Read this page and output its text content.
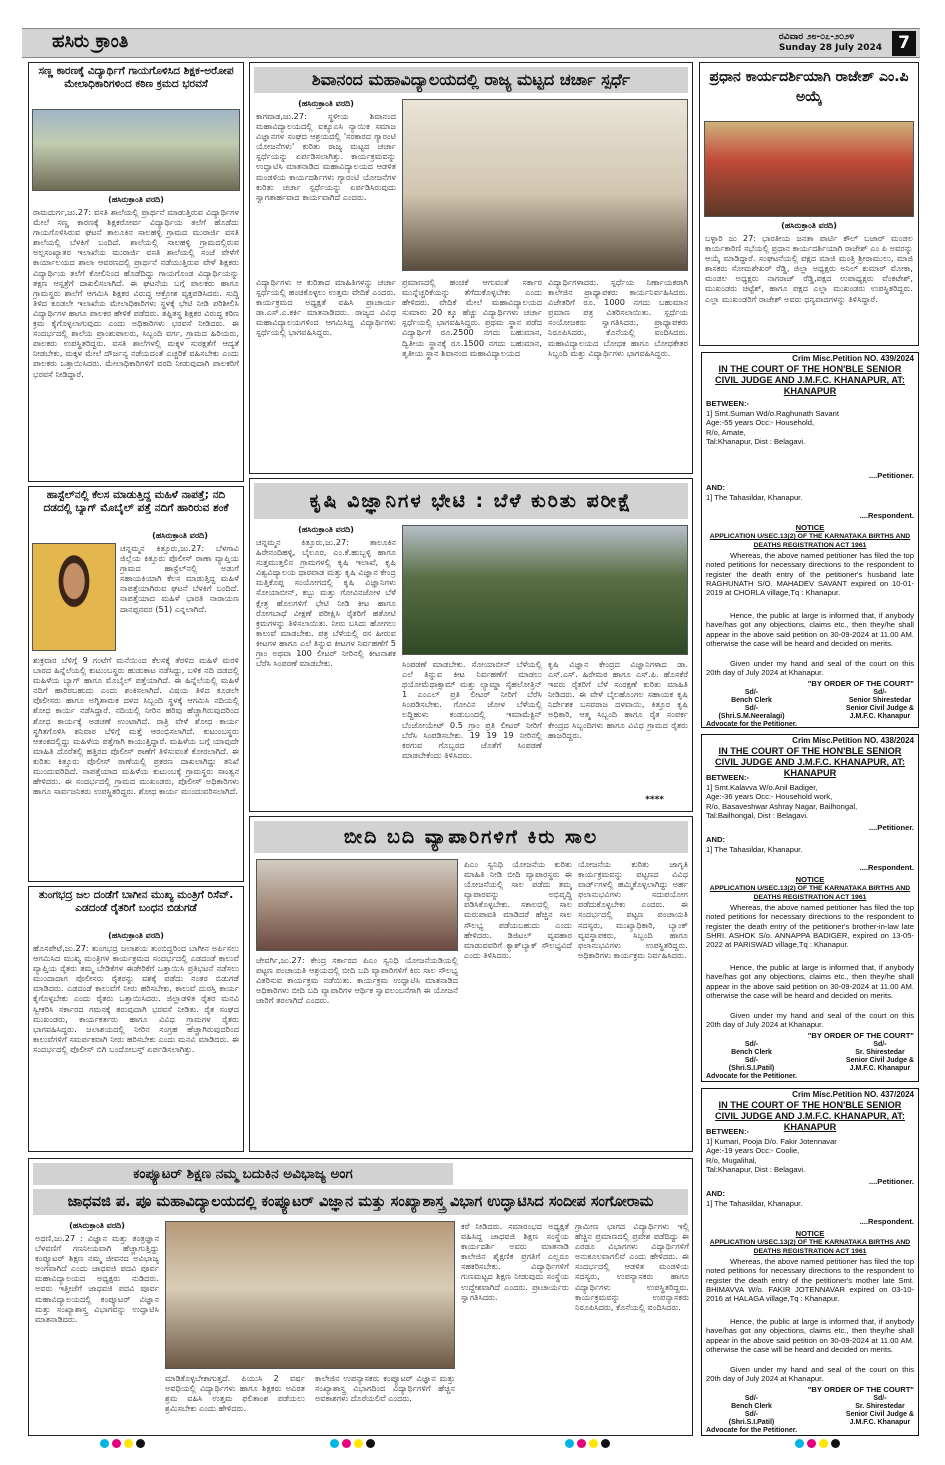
ಹಸಿರು ಕ್ರಾಂತಿ	ರವಿವಾರ ೨೮-೦೭-೨೦೨೪
Sunday 28 July 2024 7
ಸಣ್ಣ ಕಾರಣಕ್ಕೆ ವಿದ್ಯಾರ್ಥಿಗೆ ಗಾಯಗೊಳಿಸಿದ ಶಿಕ್ಷಕ-ಅರೋಪ ಮೇಲಾಧಿಕಾರಿಗಳಿಂದ ಕಠಿಣ ಕ್ರಮದ ಭರವಸೆ
(ಹಸಿರುಕ್ರಾಂತಿ ವರದಿ)
ರಾಮದುರ್ಗ,ಜು.27: ವಸತಿ ಶಾಲೆಯಲ್ಲಿ ಪ್ರಾರ್ಥನೆ ಮಾಡುತ್ತಿರುವ ವಿದ್ಯಾರ್ಥಿಗಳ ಮೇಲೆ ಸಣ್ಣ ಕಾರಣಕ್ಕೆ ಶಿಕ್ಷಕರೋರ್ವ ವಿದ್ಯಾರ್ಥಿಯ ತಲೆಗೆ ಹೊಡೆದು ಗಾಯಗೊಳಿಸಿರುವ ಘಟನೆ ತಾಲೂಕಿನ ಸಾಲಹಳ್ಳಿ ಗ್ರಾಮದ ಮುರಾರ್ಜಿ ವಸತಿ ಶಾಲೆಯಲ್ಲಿ ಬೆಳಕಿಗೆ ಬಂದಿದೆ. ಶಾಲೆಯಲ್ಲಿ ಸಾಲಹಳ್ಳಿ ಗ್ರಾಮದಲ್ಲಿರುವ ಅಲ್ಪಸಂಖ್ಯಾತರ ಇಲಾಖೆಯ ಮುರಾರ್ಜಿ ವಸತಿ ಶಾಲೆಯಲ್ಲಿ ಸಂಜೆ ವೇಳೆಗೆ ಕಾರ್ಯಾಲಯದ ಶಾಲಾ ಆವರಣದಲ್ಲಿ ಪ್ರಾರ್ಥನೆ ನಡೆಯುತ್ತಿರುವ ವೇಳೆ ಶಿಕ್ಷಕರು ವಿದ್ಯಾರ್ಥಿಯ ತಲೆಗೆ ಕೋಲಿನಿಂದ ಹೊಡೆದಿದ್ದು ಗಾಯಗೊಂಡ ವಿದ್ಯಾರ್ಥಿಯನ್ನು ತಕ್ಷಣ ಆಸ್ಪತ್ರೆಗೆ ದಾಖಲಿಸಲಾಗಿದೆ. ಈ ಘಟನೆಯ ಬಗ್ಗೆ ಪಾಲಕರು ಹಾಗೂ ಗ್ರಾಮಸ್ಥರು ಶಾಲೆಗೆ ಆಗಮಿಸಿ ಶಿಕ್ಷಕರ ವಿರುದ್ಧ ಆಕ್ರೋಶ ವ್ಯಕ್ತಪಡಿಸಿದರು. ಸುದ್ದಿ ತಿಳಿದ ಕೂಡಲೇ ಇಲಾಖೆಯ ಮೇಲಾಧಿಕಾರಿಗಳು ಸ್ಥಳಕ್ಕೆ ಭೇಟಿ ನೀಡಿ ಪರಿಶೀಲಿಸಿ ವಿದ್ಯಾರ್ಥಿಗಳ ಹಾಗೂ ಪಾಲಕರ ಹೇಳಿಕೆ ಪಡೆದರು. ತಪ್ಪಿತಸ್ಥ ಶಿಕ್ಷಕರ ವಿರುದ್ಧ ಕಠಿಣ ಕ್ರಮ ಕೈಗೊಳ್ಳಲಾಗುವುದು ಎಂದು ಅಧಿಕಾರಿಗಳು ಭರವಸೆ ನೀಡಿದರು. ಈ ಸಂದರ್ಭದಲ್ಲಿ ಶಾಲೆಯ ಪ್ರಾಂಶುಪಾಲರು, ಸಿಬ್ಬಂದಿ ವರ್ಗ, ಗ್ರಾಮದ ಹಿರಿಯರು, ಪಾಲಕರು ಉಪಸ್ಥಿತರಿದ್ದರು. ವಸತಿ ಶಾಲೆಗಳಲ್ಲಿ ಮಕ್ಕಳ ಸುರಕ್ಷತೆಗೆ ಆದ್ಯತೆ ನೀಡಬೇಕು, ಮಕ್ಕಳ ಮೇಲೆ ದೌರ್ಜನ್ಯ ನಡೆಯದಂತೆ ಎಚ್ಚರಿಕೆ ವಹಿಸಬೇಕು ಎಂದು ಪಾಲಕರು ಒತ್ತಾಯಿಸಿದರು. ಮೇಲಾಧಿಕಾರಿಗಳಿಗೆ ವರದಿ ನೀಡುವುದಾಗಿ ಪಾಲಕರಿಗೆ ಭರವಸೆ ನೀಡಿದ್ದಾರೆ.
ಹಾಸ್ಟೆಲ್‌ನಲ್ಲಿ ಕೆಲಸ ಮಾಡುತ್ತಿದ್ದ ಮಹಿಳೆ ನಾಪತ್ತೆ; ನದಿ ದಡದಲ್ಲಿ ಬ್ಯಾಗ್ ಮೊಬೈಲ್ ಪತ್ತೆ ನದಿಗೆ ಹಾರಿರುವ ಶಂಕೆ
(ಹಸಿರುಕ್ರಾಂತಿ ವರದಿ)
ಚನ್ನಮ್ಮನ ಕಿತ್ತೂರು,ಜು.27: ಬೆಳಗಾವಿ ಜಿಲ್ಲೆಯ ಕಿತ್ತೂರು ಪೊಲೀಸ್ ಠಾಣಾ ವ್ಯಾಪ್ತಿಯ ಗ್ರಾಮದ ಹಾಸ್ಟೆಲ್‌ನಲ್ಲಿ ಅಡುಗೆ ಸಹಾಯಕಿಯಾಗಿ ಕೆಲಸ ಮಾಡುತ್ತಿದ್ದ ಮಹಿಳೆ ನಾಪತ್ತೆಯಾಗಿರುವ ಘಟನೆ ಬೆಳಕಿಗೆ ಬಂದಿದೆ. ನಾಪತ್ತೆಯಾದ ಮಹಿಳೆ ಭಾರತಿ ನಾರಾಯಣ ದಾನಪ್ಪನವರ (51) ಎನ್ನಲಾಗಿದೆ.
ಶುಕ್ರವಾರ ಬೆಳಿಗ್ಗೆ 9 ಗಂಟೆಗೆ ಮನೆಯಿಂದ ಕೆಲಸಕ್ಕೆ ತೆರಳಿದ ಮಹಿಳೆ ಮರಳಿ ಬಾರದ ಹಿನ್ನೆಲೆಯಲ್ಲಿ ಕುಟುಂಬಸ್ಥರು ಹುಡುಕಾಟ ನಡೆಸಿದ್ದು, ಬಳಿಕ ನದಿ ದಡದಲ್ಲಿ ಮಹಿಳೆಯ ಬ್ಯಾಗ್ ಹಾಗೂ ಮೊಬೈಲ್ ಪತ್ತೆಯಾಗಿದೆ. ಈ ಹಿನ್ನೆಲೆಯಲ್ಲಿ ಮಹಿಳೆ ನದಿಗೆ ಹಾರಿರಬಹುದು ಎಂದು ಶಂಕಿಸಲಾಗಿದೆ. ವಿಷಯ ತಿಳಿದ ಕೂಡಲೇ ಪೊಲೀಸರು ಹಾಗೂ ಅಗ್ನಿಶಾಮಕ ದಳದ ಸಿಬ್ಬಂದಿ ಸ್ಥಳಕ್ಕೆ ಆಗಮಿಸಿ ನದಿಯಲ್ಲಿ ಶೋಧ ಕಾರ್ಯ ನಡೆಸಿದ್ದಾರೆ. ನದಿಯಲ್ಲಿ ನೀರಿನ ಹರಿವು ಹೆಚ್ಚಾಗಿರುವುದರಿಂದ ಶೋಧ ಕಾರ್ಯಕ್ಕೆ ಅಡಚಣೆ ಉಂಟಾಗಿದೆ. ರಾತ್ರಿ ವೇಳೆ ಶೋಧ ಕಾರ್ಯ ಸ್ಥಗಿತಗೊಳಿಸಿ ಶನಿವಾರ ಬೆಳಿಗ್ಗೆ ಮತ್ತೆ ಆರಂಭಿಸಲಾಗಿದೆ. ಕುಟುಂಬಸ್ಥರು ಆತಂಕದಲ್ಲಿದ್ದು ಮಹಿಳೆಯ ಪತ್ತೆಗಾಗಿ ಕಾಯುತ್ತಿದ್ದಾರೆ. ಮಹಿಳೆಯ ಬಗ್ಗೆ ಯಾವುದೇ ಮಾಹಿತಿ ದೊರೆತಲ್ಲಿ ಹತ್ತಿರದ ಪೊಲೀಸ್ ಠಾಣೆಗೆ ತಿಳಿಸುವಂತೆ ಕೋರಲಾಗಿದೆ. ಈ ಕುರಿತು ಕಿತ್ತೂರು ಪೊಲೀಸ್ ಠಾಣೆಯಲ್ಲಿ ಪ್ರಕರಣ ದಾಖಲಾಗಿದ್ದು ತನಿಖೆ ಮುಂದುವರಿದಿದೆ. ನಾಪತ್ತೆಯಾದ ಮಹಿಳೆಯ ಕುಟುಂಬಕ್ಕೆ ಗ್ರಾಮಸ್ಥರು ಸಾಂತ್ವನ ಹೇಳಿದರು. ಈ ಸಂದರ್ಭದಲ್ಲಿ ಗ್ರಾಮದ ಮುಖಂಡರು, ಪೊಲೀಸ್ ಅಧಿಕಾರಿಗಳು ಹಾಗೂ ಸಾರ್ವಜನಿಕರು ಉಪಸ್ಥಿತರಿದ್ದರು. ಶೋಧ ಕಾರ್ಯ ಮುಂದುವರಿಸಲಾಗಿದೆ.
ತುಂಗಭದ್ರ ಜಲ ದಂಡೆಗೆ ಬಾಗೀನ ಮುಖ್ಯ ಮಂತ್ರಿಗೆ ರಿಸೆವ್‌. ಎಡದಂಡೆ ರೈತರಿಗೆ ಬಂಧನ ಬಿಡುಗಡೆ
(ಹಸಿರುಕ್ರಾಂತಿ ವರದಿ)
ಹೊಸಪೇಟೆ,ಜು.27: ತುಂಗಭದ್ರ ಜಲಾಶಯ ತುಂಬಿದ್ದರಿಂದ ಬಾಗೀನ ಅರ್ಪಿಸಲು ಆಗಮಿಸಿದ ಮುಖ್ಯ ಮಂತ್ರಿಗಳ ಕಾರ್ಯಕ್ರಮದ ಸಂದರ್ಭದಲ್ಲಿ ಎಡದಂಡೆ ಕಾಲುವೆ ವ್ಯಾಪ್ತಿಯ ರೈತರು ತಮ್ಮ ಬೇಡಿಕೆಗಳ ಈಡೇರಿಕೆಗೆ ಒತ್ತಾಯಿಸಿ ಪ್ರತಿಭಟನೆ ನಡೆಸಲು ಮುಂದಾದಾಗ ಪೊಲೀಸರು ರೈತರನ್ನು ವಶಕ್ಕೆ ಪಡೆದು ನಂತರ ಬಿಡುಗಡೆ ಮಾಡಿದರು. ಎಡದಂಡೆ ಕಾಲುವೆಗೆ ನೀರು ಹರಿಸಬೇಕು, ಕಾಲುವೆ ದುರಸ್ತಿ ಕಾರ್ಯ ಕೈಗೊಳ್ಳಬೇಕು ಎಂದು ರೈತರು ಒತ್ತಾಯಿಸಿದರು. ಜಿಲ್ಲಾಡಳಿತ ರೈತರ ಮನವಿ ಸ್ವೀಕರಿಸಿ ಸರ್ಕಾರದ ಗಮನಕ್ಕೆ ತರುವುದಾಗಿ ಭರವಸೆ ನೀಡಿತು. ರೈತ ಸಂಘದ ಮುಖಂಡರು, ಕಾರ್ಯಕರ್ತರು ಹಾಗೂ ವಿವಿಧ ಗ್ರಾಮಗಳ ರೈತರು ಭಾಗವಹಿಸಿದ್ದರು. ಜಲಾಶಯದಲ್ಲಿ ನೀರಿನ ಸಂಗ್ರಹ ಹೆಚ್ಚಾಗಿರುವುದರಿಂದ ಕಾಲುವೆಗಳಿಗೆ ಸಮರ್ಪಕವಾಗಿ ನೀರು ಹರಿಸಬೇಕು ಎಂದು ಮನವಿ ಮಾಡಿದರು. ಈ ಸಂದರ್ಭದಲ್ಲಿ ಪೊಲೀಸ್ ಬಿಗಿ ಬಂದೋಬಸ್ತ್ ಏರ್ಪಡಿಸಲಾಗಿತ್ತು.
ಶಿವಾನಂದ ಮಹಾವಿದ್ಯಾಲಯದಲ್ಲಿ ರಾಜ್ಯ ಮಟ್ಟದ ಚರ್ಚಾ ಸ್ಪರ್ಧೆ
(ಹಸಿರುಕ್ರಾಂತಿ ವರದಿ)
ಕಾಗವಾಡ,ಜು.27: ಸ್ಥಳೀಯ ಶಿವಾನಂದ ಮಹಾವಿದ್ಯಾಲಯದಲ್ಲಿ ಐಕ್ಯೂಎಸಿ ನ್ಯಾಯಿಕ ಸಮಾಜ ವಿಜ್ಞಾನಗಳ ಸಂಘದ ಆಶ್ರಯದಲ್ಲಿ 'ಸರಕಾರದ ಗ್ಯಾರಂಟಿ ಯೋಜನೆಗಳು' ಕುರಿತು ರಾಜ್ಯ ಮಟ್ಟದ ಚರ್ಚಾ ಸ್ಪರ್ಧೆಯನ್ನು ಏರ್ಪಡಿಸಲಾಗಿತ್ತು. ಕಾರ್ಯಕ್ರಮವನ್ನು ಉದ್ಘಾಟಿಸಿ ಮಾತನಾಡಿದ ಮಹಾವಿದ್ಯಾಲಯದ ಆಡಳಿತ ಮಂಡಳಿಯ ಕಾರ್ಯದರ್ಶಿಗಳು ಗ್ಯಾರಂಟಿ ಯೋಜನೆಗಳ ಕುರಿತು ಚರ್ಚಾ ಸ್ಪರ್ಧೆಯನ್ನು ಏರ್ಪಡಿಸಿರುವುದು ಸ್ವಾಗತಾರ್ಹವಾದ ಕಾರ್ಯವಾಗಿದೆ ಎಂದರು.
ವಿದ್ಯಾರ್ಥಿಗಳು ಆ ಕುರಿತಾದ ಮಾಹಿತಿಗಳನ್ನು ಚರ್ಚಾ ಸ್ಪರ್ಧೆಯಲ್ಲಿ ಹಂಚಿಕೊಳ್ಳಲು ಉತ್ತಮ ವೇದಿಕೆ ಎಂದರು. ಕಾರ್ಯಕ್ರಮದ ಅಧ್ಯಕ್ಷತೆ ವಹಿಸಿ ಪ್ರಾಚಾರ್ಯ ಡಾ.ಎಸ್.ಎ.ಕರ್ಕಿ ಮಾತನಾಡಿದರು. ರಾಜ್ಯದ ವಿವಿಧ ಮಹಾವಿದ್ಯಾಲಯಗಳಿಂದ ಆಗಮಿಸಿದ್ದ ವಿದ್ಯಾರ್ಥಿಗಳು ಸ್ಪರ್ಧೆಯಲ್ಲಿ ಭಾಗವಹಿಸಿದ್ದರು.
ಪ್ರಮಾಣದಲ್ಲಿ ಹಂಚಿಕೆ ಆಗುವಂತೆ ಸರ್ಕಾರ ಮುನ್ನೆಚ್ಚರಿಕೆಯನ್ನು ತೆಗೆದುಕೊಳ್ಳಬೇಕು ಎಂದು ಹೇಳಿದರು. ವೇದಿಕೆ ಮೇಲೆ ಮಹಾವಿದ್ಯಾಲಯದ ಸುಮಾರು 20 ಕ್ಕೂ ಹೆಚ್ಚು ವಿದ್ಯಾರ್ಥಿಗಳು ಚರ್ಚಾ ಸ್ಪರ್ಧೆಯಲ್ಲಿ ಭಾಗವಹಿಸಿದ್ದರು. ಪ್ರಥಮ ಸ್ಥಾನ ಪಡೆದ ವಿದ್ಯಾರ್ಥಿಗೆ ರೂ.2500 ನಗದು ಬಹುಮಾನ, ದ್ವಿತೀಯ ಸ್ಥಾನಕ್ಕೆ ರೂ.1500 ನಗದು ಬಹುಮಾನ, ತೃತೀಯ ಸ್ಥಾನ ಶಿವಾನಂದ ಮಹಾವಿದ್ಯಾಲಯದ
ವಿದ್ಯಾರ್ಥಿಗಳಾದರು. ಸ್ಪರ್ಧೆಯ ನಿರ್ಣಾಯಕರಾಗಿ ಕಾಲೇಜಿನ ಪ್ರಾಧ್ಯಾಪಕರು ಕಾರ್ಯನಿರ್ವಹಿಸಿದರು. ವಿಜೇತರಿಗೆ ರೂ. 1000 ನಗದು ಬಹುಮಾನ ಪ್ರಮಾಣ ಪತ್ರ ವಿತರಿಸಲಾಯಿತು. ಸ್ಪರ್ಧೆಯ ಸಂಯೋಜಕರು ಸ್ವಾಗತಿಸಿದರು, ಪ್ರಾಧ್ಯಾಪಕರು ನಿರೂಪಿಸಿದರು, ಕೊನೆಯಲ್ಲಿ ವಂದಿಸಿದರು. ಮಹಾವಿದ್ಯಾಲಯದ ಬೋಧಕ ಹಾಗೂ ಬೋಧಕೇತರ ಸಿಬ್ಬಂದಿ ಮತ್ತು ವಿದ್ಯಾರ್ಥಿಗಳು ಭಾಗವಹಿಸಿದ್ದರು.
ಪ್ರಧಾನ ಕಾರ್ಯದರ್ಶಿಯಾಗಿ ರಾಜೇಶ್ ಎಂ.ಪಿ ಅಯ್ಕೆ
(ಹಸಿರುಕ್ರಾಂತಿ ವರದಿ)
ಬಳ್ಳಾರಿ ಜು 27: ಭಾರತೀಯ ಜನತಾ ಪಾರ್ಟಿ ಕೌಲ್ ಬಜಾರ್ ಮಂಡಲ ಕಾರ್ಯಕಾರಿಣಿ ಸಭೆಯಲ್ಲಿ ಪ್ರಧಾನ ಕಾರ್ಯದರ್ಶಿಯಾಗಿ ರಾಜೇಶ್ ಎಂ ಪಿ ಅವರನ್ನು ಆಯ್ಕೆ ಮಾಡಿದ್ದಾರೆ. ಸಂಘಟನೆಯಲ್ಲಿ ಪಕ್ಷದ ಮಾಜಿ ಮಂತ್ರಿ ಶ್ರೀರಾಮುಲು, ಮಾಜಿ ಶಾಸಕರು ಸೋಮಶೇಖರ್ ರೆಡ್ಡಿ, ಜಿಲ್ಲಾ ಅಧ್ಯಕ್ಷರು ಅನಿಲ್ ಕುಮಾರ್ ಮೋಕಾ, ಮಂಡಲ ಅಧ್ಯಕ್ಷರು ನಾಗರಾಜ್ ರೆಡ್ಡಿ,ಪಕ್ಷದ ಉಪಾಧ್ಯಕ್ಷರು ವೆಂಕಟೇಶ್, ಮುಖಂಡರು ಚಿಟ್ಟೆಶ್, ಹಾಗೂ ಪಕ್ಷದ ಎಲ್ಲಾ ಮುಖಂಡರು ಉಪಸ್ಥಿತರಿದ್ದರು. ಎಲ್ಲಾ ಮುಖಂಡರಿಗೆ ರಾಜೇಶ್ ಅವರು ಧನ್ಯವಾದಗಳನ್ನು ತಿಳಿಸಿದ್ದಾರೆ.
ಕೃಷಿ ವಿಜ್ಞಾನಿಗಳ ಭೇಟಿ : ಬೆಳೆ ಕುರಿತು ಪರೀಕ್ಷೆ
(ಹಸಿರುಕ್ರಾಂತಿ ವರದಿ)
ಚನ್ನಮ್ಮನ ಕಿತ್ತೂರು,ಜು.27: ತಾಲೂಕಿನ ಹಿರೇನಂದಿಹಳ್ಳಿ, ಬೈಲೂರ, ಎಂ.ಕೆ.ಹುಬ್ಬಳ್ಳಿ ಹಾಗೂ ಸುತ್ತಮುತ್ತಲಿನ ಗ್ರಾಮಗಳಲ್ಲಿ ಕೃಷಿ ಇಲಾಖೆ, ಕೃಷಿ ವಿಶ್ವವಿದ್ಯಾಲಯ ಧಾರವಾಡ ಮತ್ತು ಕೃಷಿ ವಿಜ್ಞಾನ ಕೇಂದ್ರ ಮತ್ತಿಕೊಪ್ಪ ಸಂಯೋಗದಲ್ಲಿ ಕೃಷಿ ವಿಜ್ಞಾನಿಗಳು ಸೋಯಾಬೀನ್, ಕಬ್ಬು ಮತ್ತು ಗೋವಿನಜೋಳ ಬೆಳೆ ಕ್ಷೇತ್ರ ಹೊಲಗಳಿಗೆ ಭೇಟಿ ನೀಡಿ ಕೀಟ ಹಾಗೂ ರೋಗಬಾಧೆ ವೀಕ್ಷಣೆ ಪರೀಕ್ಷಿಸಿ ರೈತರಿಗೆ ಹತೋಟಿ ಕ್ರಮಗಳನ್ನು ತಿಳಿಸಲಾಯಿತು. ನೀರು ಬಸಿದು ಹೋಗಲು ಕಾಲುವೆ ಮಾಡಬೇಕು. ಪತ್ರ ಬೆಳೆಯಲ್ಲಿ ರಸ ಹೀರುವ ಕೀಟಗಳ ಹಾಗೂ ಎಲೆ ತಿನ್ನುವ ಕೀಟಗಳ ನಿರ್ವಹಣೆಗೆ 5 ಗ್ರಾಂ ಅಥವಾ 100 ಲೀಟರ್ ನೀರಿನಲ್ಲಿ ಕೀಟನಾಶಕ ಬೆರೆಸಿ ಸಿಂಪರಣೆ ಮಾಡಬೇಕು.	ಸಿಂಪಡಣೆ ಮಾಡಬೇಕು. ಸೋಯಾಬೀನ್ ಬೆಳೆಯಲ್ಲಿ ಎಲೆ ತಿನ್ನುವ ಕೀಟ ನಿರ್ವಹಣೆಗೆ ಮಾಡಲು ಥಯೋಮೆಥಾಕ್ಸಾಮ್ ಮತ್ತು ಲ್ಯಾಮ್ಡಾ ಸೈಹಲೋತ್ರಿನ್ 1 ಎಂಎಲ್ ಪ್ರತಿ ಲೀಟರ್ ನೀರಿಗೆ ಬೆರೆಸಿ ಸಿಂಪಡಿಸಬೇಕು. ಗೋವಿನ ಜೋಳ ಬೆಳೆಯಲ್ಲಿ ಲದ್ದಿಹುಳು ಕಂಡುಬಂದಲ್ಲಿ ಇಮಾಮೆಕ್ಟಿನ್ ಬೆಂಜೋಯೇಟ್ 0.5 ಗ್ರಾಂ ಪ್ರತಿ ಲೀಟರ್ ನೀರಿಗೆ ಬೆರೆಸಿ ಸಿಂಪಡಿಸಬೇಕು. 19 19 19 ನೀರಿನಲ್ಲಿ ಕರಗುವ ಗೊಬ್ಬರದ ಜೊತೆಗೆ ಸಿಂಪಡಣೆ ಮಾಡಬೇಕೆಂದು ತಿಳಿಸಿದರು.
ಕೃಷಿ ವಿಜ್ಞಾನ ಕೇಂದ್ರದ ವಿಜ್ಞಾನಿಗಳಾದ ಡಾ. ಎಸ್.ಎಸ್. ಹಿರೇಮಠ ಹಾಗೂ ಎಸ್.ಪಿ. ಹೊಸಕೆರೆ ಇವರು ರೈತರಿಗೆ ಬೆಳೆ ಸಂರಕ್ಷಣೆ ಕುರಿತು ಮಾಹಿತಿ ನೀಡಿದರು. ಈ ವೇಳೆ ಬೈಲಹೊಂಗಲ ಸಹಾಯಕ ಕೃಷಿ ನಿರ್ದೇಶಕ ಬಸವರಾಜ ದಳವಾಯಿ, ಕಿತ್ತೂರ ಕೃಷಿ ಅಧಿಕಾರಿ, ಆತ್ಮ ಸಿಬ್ಬಂದಿ ಹಾಗೂ ರೈತ ಸಂಪರ್ಕ ಕೇಂದ್ರದ ಸಿಬ್ಬಂದಿಗಳು ಹಾಗೂ ವಿವಿಧ ಗ್ರಾಮದ ರೈತರು ಹಾಜರಿದ್ದರು.
****
ಬೀದಿ ಬದಿ ವ್ಯಾಪಾರಿಗಳಿಗೆ ಕಿರು ಸಾಲ
ಜೇವರ್ಗಿ,ಜು.27: ಕೇಂದ್ರ ಸರ್ಕಾರದ ಪಿಎಂ ಸ್ವನಿಧಿ ಯೋಜನೆಯಡಿಯಲ್ಲಿ ಪಟ್ಟಣ ಪಂಚಾಯತಿ ಆಶ್ರಯದಲ್ಲಿ ಬೀದಿ ಬದಿ ವ್ಯಾಪಾರಿಗಳಿಗೆ ಕಿರು ಸಾಲ ಸೌಲಭ್ಯ ವಿತರಿಸುವ ಕಾರ್ಯಕ್ರಮ ನಡೆಯಿತು. ಕಾರ್ಯಕ್ರಮ ಉದ್ಘಾಟಿಸಿ ಮಾತನಾಡಿದ ಅಧಿಕಾರಿಗಳು ಬೀದಿ ಬದಿ ವ್ಯಾಪಾರಿಗಳ ಆರ್ಥಿಕ ಸ್ವಾವಲಂಬನೆಗಾಗಿ ಈ ಯೋಜನೆ ಜಾರಿಗೆ ತರಲಾಗಿದೆ ಎಂದರು.
ಪಿಎಂ ಸ್ವನಿಧಿ ಯೋಜನೆಯ ಕುರಿತು ಮಾಹಿತಿ ನೀಡಿ ಬೀದಿ ವ್ಯಾಪಾರಸ್ಥರು ಈ ಯೋಜನೆಯಲ್ಲಿ ಸಾಲ ಪಡೆದು ತಮ್ಮ ವ್ಯಾಪಾರವನ್ನು ಅಭಿವೃದ್ಧಿ ಪಡಿಸಿಕೊಳ್ಳಬೇಕು. ಸಕಾಲದಲ್ಲಿ ಸಾಲ ಮರುಪಾವತಿ ಮಾಡಿದರೆ ಹೆಚ್ಚಿನ ಸಾಲ ಸೌಲಭ್ಯ ಪಡೆಯಬಹುದು ಎಂದು ಹೇಳಿದರು. ಡಿಜಿಟಲ್ ವ್ಯವಹಾರ ಮಾಡುವವರಿಗೆ ಕ್ಯಾಶ್‌ಬ್ಯಾಕ್ ಸೌಲಭ್ಯವಿದೆ ಎಂದು ತಿಳಿಸಿದರು.
ಯೋಜನೆಯ ಕುರಿತು ಜಾಗೃತಿ ಕಾರ್ಯಕ್ರಮವನ್ನು ಪಟ್ಟಣದ ವಿವಿಧ ವಾರ್ಡ್‌ಗಳಲ್ಲಿ ಹಮ್ಮಿಕೊಳ್ಳಲಾಗಿದ್ದು ಅರ್ಹ ಫಲಾನುಭವಿಗಳು ಸದುಪಯೋಗ ಪಡೆದುಕೊಳ್ಳಬೇಕು ಎಂದರು. ಈ ಸಂದರ್ಭದಲ್ಲಿ ಪಟ್ಟಣ ಪಂಚಾಯತಿ ಸದಸ್ಯರು, ಮುಖ್ಯಾಧಿಕಾರಿ, ಬ್ಯಾಂಕ್ ವ್ಯವಸ್ಥಾಪಕರು, ಸಿಬ್ಬಂದಿ ಹಾಗೂ ಫಲಾನುಭವಿಗಳು ಉಪಸ್ಥಿತರಿದ್ದರು. ಅಧಿಕಾರಿಗಳು ಕಾರ್ಯಕ್ರಮ ನಿರ್ವಹಿಸಿದರು.
ಕಂಪ್ಯೂಟರ್ ಶಿಕ್ಷಣ ನಮ್ಮ ಬದುಕಿನ ಅವಿಭಾಜ್ಯ ಅಂಗ
ಜಾಧವಜಿ ಪ. ಪೂ ಮಹಾವಿದ್ಯಾಲಯದಲ್ಲಿ ಕಂಪ್ಯೂಟರ್ ವಿಜ್ಞಾನ ಮತ್ತು ಸಂಖ್ಯಾಶಾಸ್ತ್ರ ವಿಭಾಗ ಉದ್ಘಾಟಿಸಿದ ಸಂದೀಪ ಸಂಗೋರಾಮ
(ಹಸಿರುಕ್ರಾಂತಿ ವರದಿ)
ಅಥಣಿ,ಜು.27 : ವಿಜ್ಞಾನ ಮತ್ತು ತಂತ್ರಜ್ಞಾನ ಬೆಳವಣಿಗೆ ಗಣನೀಯವಾಗಿ ಹೆಚ್ಚಾಗುತ್ತಿದ್ದು ಕಂಪ್ಯೂಟರ್ ಶಿಕ್ಷಣ ನಮ್ಮ ಜೀವನದ ಅವಿಭಾಜ್ಯ ಅಂಗವಾಗಿದೆ ಎಂದು ಜಾಧವಜಿ ಪದವಿ ಪೂರ್ವ ಮಹಾವಿದ್ಯಾಲಯದ ಅಧ್ಯಕ್ಷರು ನುಡಿದರು. ಅವರು ಇತ್ತೀಚೆಗೆ ಜಾಧವಜಿ ಪದವಿ ಪೂರ್ವ ಮಹಾವಿದ್ಯಾಲಯದಲ್ಲಿ ಕಂಪ್ಯೂಟರ್ ವಿಜ್ಞಾನ ಮತ್ತು ಸಂಖ್ಯಾಶಾಸ್ತ್ರ ವಿಭಾಗವನ್ನು ಉದ್ಘಾಟಿಸಿ ಮಾತನಾಡಿದರು.
ಮಾಡಿಕೊಳ್ಳಬೇಕಾಗುತ್ತದೆ. ಪಿಯುಸಿ 2 ವರ್ಷ ಅವಧಿಯಲ್ಲಿ ವಿದ್ಯಾರ್ಥಿಗಳು ಹಾಗೂ ಶಿಕ್ಷಕರು ಅವಿರತ ಶ್ರಮ ವಹಿಸಿ ಉತ್ತಮ ಫಲಿತಾಂಶ ಪಡೆಯಲು ಶ್ರಮಿಸಬೇಕು ಎಂದು ಹೇಳಿದರು.
ಕಾಲೇಜಿನ ಉಪನ್ಯಾಸಕರು ಕಂಪ್ಯೂಟರ್ ವಿಜ್ಞಾನ ಮತ್ತು ಸಂಖ್ಯಾಶಾಸ್ತ್ರ ವಿಭಾಗದಿಂದ ವಿದ್ಯಾರ್ಥಿಗಳಿಗೆ ಹೆಚ್ಚಿನ ಅವಕಾಶಗಳು ದೊರೆಯಲಿವೆ ಎಂದರು.
ಕರೆ ನೀಡಿದರು. ಸಮಾರಂಭದ ಅಧ್ಯಕ್ಷತೆ ವಹಿಸಿದ್ದ ಜಾಧವಜಿ ಶಿಕ್ಷಣ ಸಂಸ್ಥೆಯ ಕಾರ್ಯದರ್ಶಿ ಅವರು ಮಾತನಾಡಿ ಕಾಲೇಜಿನ ಶೈಕ್ಷಣಿಕ ಪ್ರಗತಿಗೆ ಎಲ್ಲರೂ ಸಹಕರಿಸಬೇಕು. ವಿದ್ಯಾರ್ಥಿಗಳಿಗೆ ಗುಣಮಟ್ಟದ ಶಿಕ್ಷಣ ನೀಡುವುದು ಸಂಸ್ಥೆಯ ಉದ್ದೇಶವಾಗಿದೆ ಎಂದರು. ಪ್ರಾಚಾರ್ಯರು ಸ್ವಾಗತಿಸಿದರು.
ಗ್ರಾಮೀಣ ಭಾಗದ ವಿದ್ಯಾರ್ಥಿಗಳು ಇಲ್ಲಿ ಹೆಚ್ಚಿನ ಪ್ರಮಾಣದಲ್ಲಿ ಪ್ರವೇಶ ಪಡೆದಿದ್ದು ಈ ಎರಡೂ ವಿಭಾಗಗಳು ವಿದ್ಯಾರ್ಥಿಗಳಿಗೆ ಅನುಕೂಲವಾಗಲಿವೆ ಎಂದು ಹೇಳಿದರು. ಈ ಸಂದರ್ಭದಲ್ಲಿ ಆಡಳಿತ ಮಂಡಳಿಯ ಸದಸ್ಯರು, ಉಪನ್ಯಾಸಕರು ಹಾಗೂ ವಿದ್ಯಾರ್ಥಿಗಳು ಉಪಸ್ಥಿತರಿದ್ದರು. ಕಾರ್ಯಕ್ರಮವನ್ನು ಉಪನ್ಯಾಸಕರು ನಿರೂಪಿಸಿದರು, ಕೊನೆಯಲ್ಲಿ ವಂದಿಸಿದರು.
Crim Misc.Petition NO. 439/2024
IN THE COURT OF THE HON'BLE SENIOR CIVIL JUDGE AND J.M.F.C. KHANAPUR, AT: KHANAPUR
BETWEEN:-
1] Smt.Suman Wd/o.Raghunath Savant
Age:-55 years Occ:- Household,
R/o, Amate,
Tal:Khanapur, Dist : Belagavi.
....Petitioner.
AND:
1] The Tahasildar, Khanapur.
....Respondent.
NOTICE
APPLICATION U/SEC.13(2) OF THE KARNATAKA BIRTHS AND DEATHS REGISTRATION ACT 1961
Whereas, the above named petitioner has filed the top noted petitions for necessary directions to the respondent to register the death entry of the petitioner's husband late RAGHUNATH S/O. MAHADEV SAVANT expired on 10-01-2019 at CHORLA village,Tq : Khanapur.
Hence, the public at large is informed that, if anybody have/has got any objections, claims etc., then they/he shall appear in the above said petition on 30-09-2024 at 11.00 AM. otherwise the case will be heard and decided on merits.
Given under my hand and seal of the court on this 20th day of July 2024 at Khanapur.
"BY ORDER OF THE COURT"
Sd/-
Bench Clerk
Sd/-
(Shri.S.M.Neeralagi)
Advocate for the Petitioner.
Sd/-
Senior Shirestedar
Senior Civil Judge &
J.M.F.C. Khanapur
Crim Misc.Petition NO. 438/2024
IN THE COURT OF THE HON'BLE SENIOR CIVIL JUDGE AND J.M.F.C. KHANAPUR, AT: KHANAPUR
BETWEEN:-
1] Smt.Kalavva W/o.Anil Badiger,
Age:-36 years Occ:- Household work,
R/o, Basaveshwar Ashray Nagar, Bailhongal,
Tal:Bailhongal, Dist : Belagavi.
....Petitioner.
AND:
1] The Tahasildar, Khanapur.
....Respondent.
NOTICE
APPLICATION U/SEC.13(2) OF THE KARNATAKA BIRTHS AND DEATHS REGISTRATION ACT 1961
Whereas, the above named petitioner has filed the top noted petitions for necessary directions to the respondent to register the death entry of the petitioner's brother-in-law late SHRI. ASHOK S/o. ANNAPPA BADIGER, expired on 13-05-2022 at PARISWAD village,Tq : Khanapur.
Hence, the public at large is informed that, if anybody have/has got any objections, claims etc., then they/he shall appear in the above said petition on 30-09-2024 at 11.00 AM. otherwise the case will be heard and decided on merits.
Given under my hand and seal of the court on this 20th day of July 2024 at Khanapur.
"BY ORDER OF THE COURT"
Sd/-
Bench Clerk
Sd/-
(Shri.S.I.Patil)
Advocate for the Petitioner.
Sd/-
Sr. Shirestedar
Senior Civil Judge &
J.M.F.C. Khanapur
Crim Misc.Petition NO. 437/2024
IN THE COURT OF THE HON'BLE SENIOR CIVIL JUDGE AND J.M.F.C. KHANAPUR, AT: KHANAPUR
BETWEEN:-
1] Kumari, Pooja D/o. Fakir Jotennavar
Age:-19 years Occ:- Coolie,
R/o, Mugalihal,
Tal:Khanapur, Dist : Belagavi.
....Petitioner.
AND:
1] The Tahasildar, Khanapur.
....Respondent.
NOTICE
APPLICATION U/SEC.13(2) OF THE KARNATAKA BIRTHS AND DEATHS REGISTRATION ACT 1961
Whereas, the above named petitioner has filed the top noted petitions for necessary directions to the respondent to register the death entry of the petitioner's mother late Smt. BHIMAVVA W/o. FAKIR JOTENNAVAR expired on 03-10-2016 at HALAGA village,Tq : Khanapur.
Hence, the public at large is informed that, if anybody have/has got any objections, claims etc., then they/he shall appear in the above said petition on 30-09-2024 at 11.00 AM. otherwise the case will be heard and decided on merits.
Given under my hand and seal of the court on this 20th day of July 2024 at Khanapur.
"BY ORDER OF THE COURT"
Sd/-
Bench Clerk
Sd/-
(Shri.S.I.Patil)
Advocate for the Petitioner.
Sd/-
Sr. Shirestedar
Senior Civil Judge &
J.M.F.C. Khanapur
